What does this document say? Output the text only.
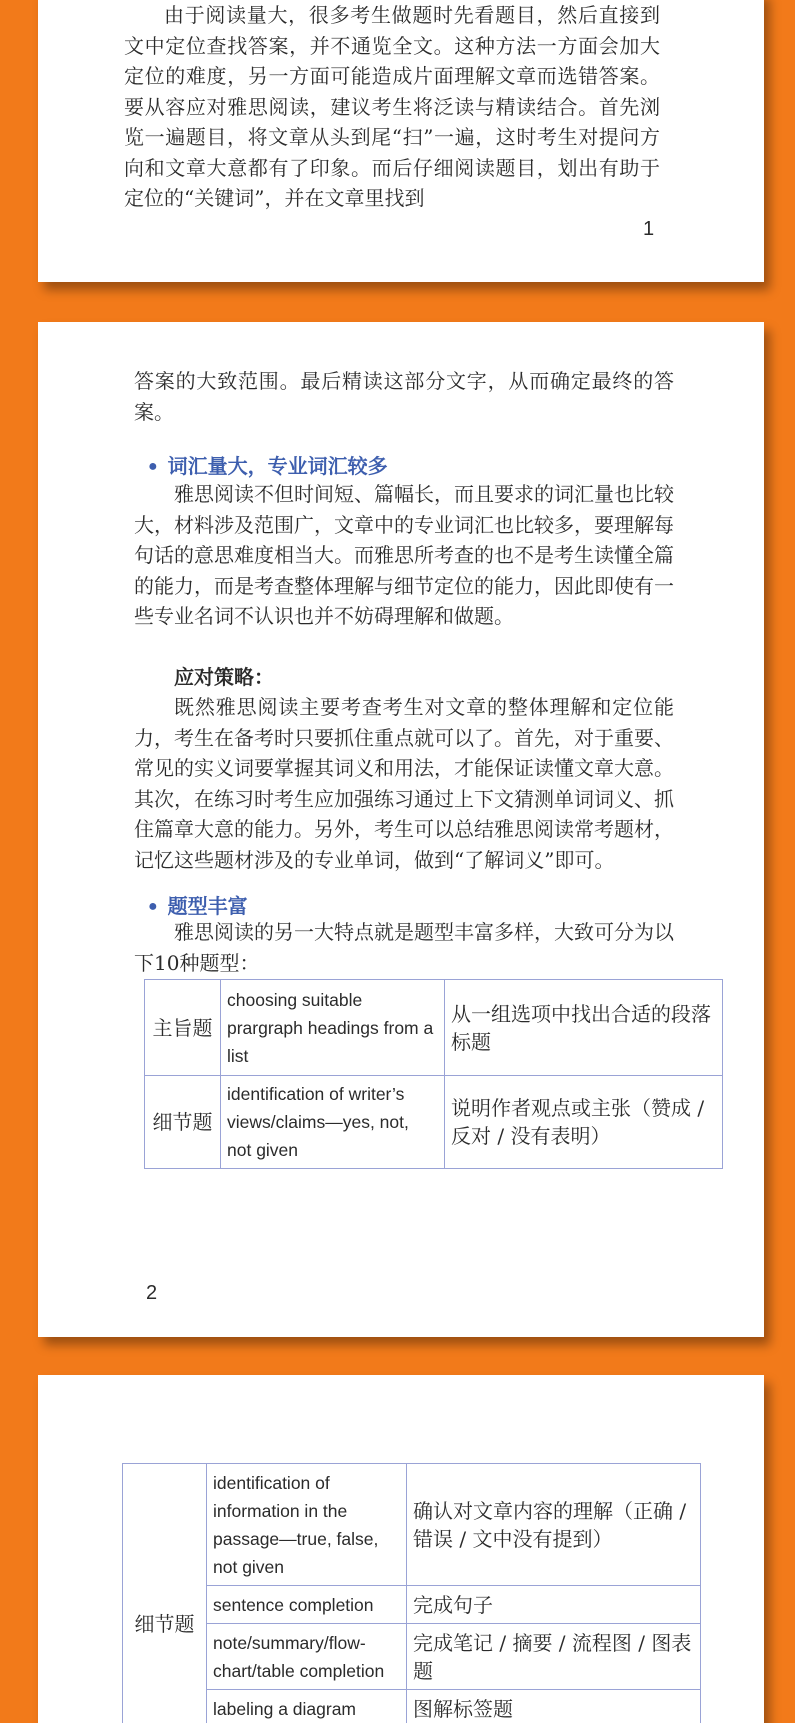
由于阅读量大，很多考生做题时先看题目，然后直接到文中定位查找答案，并不通览全文。这种方法一方面会加大定位的难度，另一方面可能造成片面理解文章而选错答案。要从容应对雅思阅读，建议考生将泛读与精读结合。首先浏览一遍题目，将文章从头到尾“扫”一遍，这时考生对提问方向和文章大意都有了印象。而后仔细阅读题目，划出有助于定位的“关键词”，并在文章里找到

1

答案的大致范围。最后精读这部分文字，从而确定最终的答案。

● 词汇量大，专业词汇较多

雅思阅读不但时间短、篇幅长，而且要求的词汇量也比较大，材料涉及范围广，文章中的专业词汇也比较多，要理解每句话的意思难度相当大。而雅思所考查的也不是考生读懂全篇的能力，而是考查整体理解与细节定位的能力，因此即使有一些专业名词不认识也并不妨碍理解和做题。

应对策略：

既然雅思阅读主要考查考生对文章的整体理解和定位能力，考生在备考时只要抓住重点就可以了。首先，对于重要、常见的实义词要掌握其词义和用法，才能保证读懂文章大意。其次，在练习时考生应加强练习通过上下文猜测单词词义、抓住篇章大意的能力。另外，考生可以总结雅思阅读常考题材，记忆这些题材涉及的专业单词，做到“了解词义”即可。

● 题型丰富

雅思阅读的另一大特点就是题型丰富多样，大致可分为以下10种题型：

主旨题	choosing suitable prargraph headings from a list	从一组选项中找出合适的段落标题
细节题	identification of writer’s views/claims—yes, not, not given	说明作者观点或主张（赞成 / 反对 / 没有表明）
2
细节题	identification of information in the passage—true, false, not given	确认对文章内容的理解（正确 / 错误 / 文中没有提到）
	sentence completion	完成句子
	note/summary/flow-chart/table completion	完成笔记 / 摘要 / 流程图 / 图表题
	labeling a diagram	图解标签题
